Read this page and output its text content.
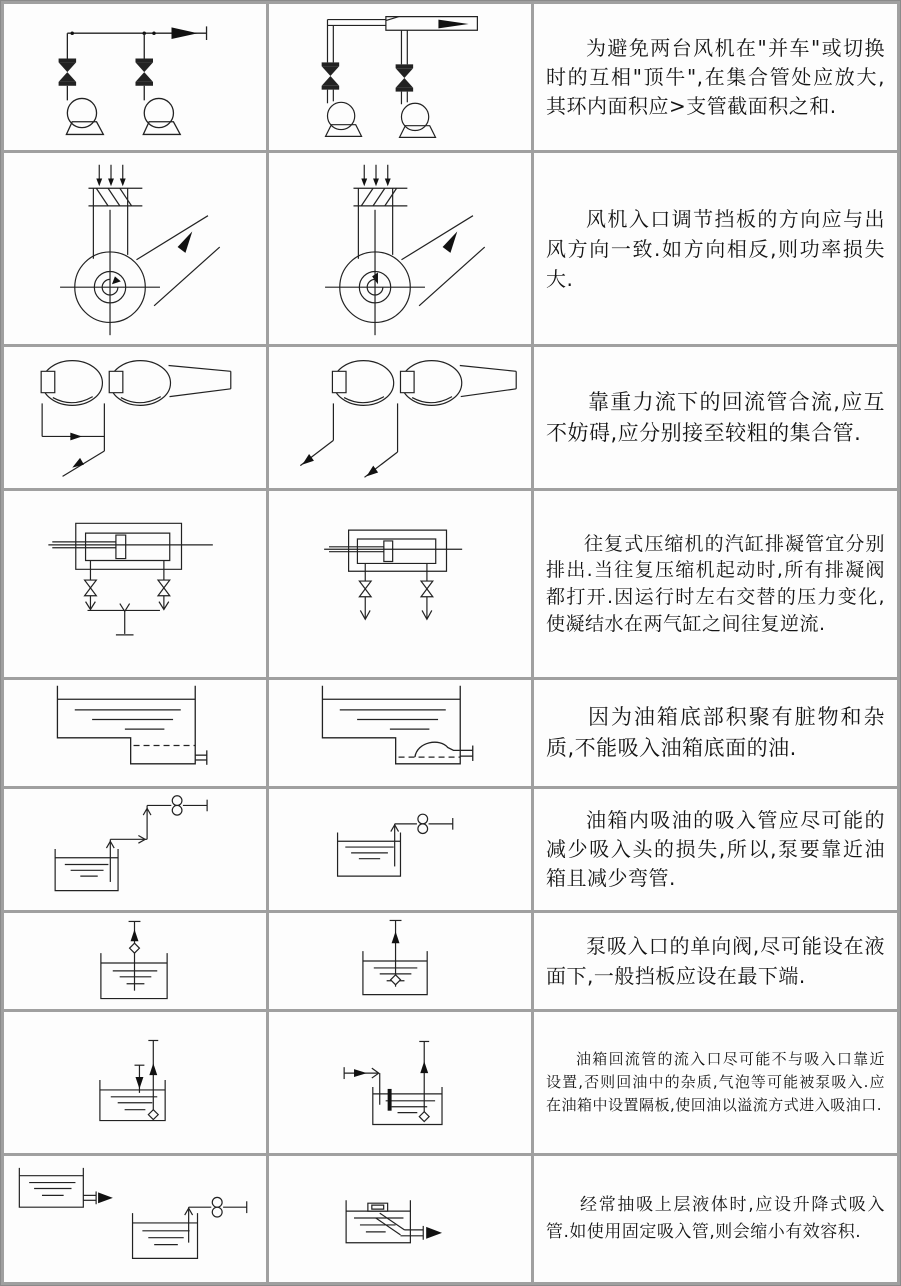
为避免两台风机在"并车"或切换时的互相"顶牛",在集合管处应放大,其环内面积应>支管截面积之和.

风机入口调节挡板的方向应与出风方向一致.如方向相反,则功率损失大.

靠重力流下的回流管合流,应互不妨碍,应分别接至较粗的集合管.

往复式压缩机的汽缸排凝管宜分别排出.当往复压缩机起动时,所有排凝阀都打开.因运行时左右交替的压力变化,使凝结水在两气缸之间往复逆流.

因为油箱底部积聚有脏物和杂质,不能吸入油箱底面的油.

油箱内吸油的吸入管应尽可能的减少吸入头的损失,所以,泵要靠近油箱且减少弯管.

泵吸入口的单向阀,尽可能设在液面下,一般挡板应设在最下端.

油箱回流管的流入口尽可能不与吸入口靠近设置,否则回油中的杂质,气泡等可能被泵吸入.应在油箱中设置隔板,使回油以溢流方式进入吸油口.

经常抽吸上层液体时,应设升降式吸入管.如使用固定吸入管,则会缩小有效容积.
